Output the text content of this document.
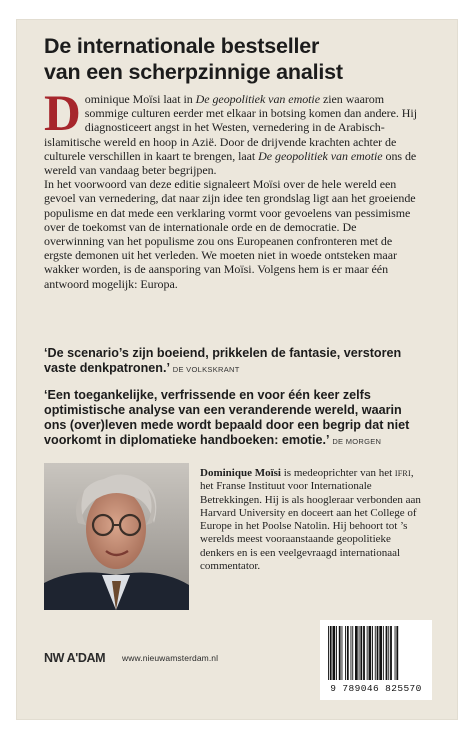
De internationale bestseller
van een scherpzinnige analist

Dominique Moïsi laat in De geopolitiek van emotie zien waarom sommige culturen eerder met elkaar in botsing komen dan andere. Hij diagnosticeert angst in het Westen, vernedering in de Arabisch-islamitische wereld en hoop in Azië. Door de drijvende krachten achter de culturele verschillen in kaart te brengen, laat De geopolitiek van emotie ons de wereld van vandaag beter begrijpen.

In het voorwoord van deze editie signaleert Moïsi over de hele wereld een gevoel van vernedering, dat naar zijn idee ten grondslag ligt aan het groeiende populisme en dat mede een verklaring vormt voor gevoelens van pessimisme over de toekomst van de internationale orde en de democratie. De overwinning van het populisme zou ons Europeanen confronteren met de ergste demonen uit het verleden. We moeten niet in woede ontsteken maar wakker worden, is de aansporing van Moïsi. Volgens hem is er maar één antwoord mogelijk: Europa.

‘De scenario’s zijn boeiend, prikkelen de fantasie, verstoren vaste denkpatronen.’ DE VOLKSKRANT

‘Een toegankelijke, verfrissende en voor één keer zelfs optimistische analyse van een veranderende wereld, waarin ons (over)leven mede wordt bepaald door een begrip dat niet voorkomt in diplomatieke handboeken: emotie.’ DE MORGEN

Dominique Moïsi is medeoprichter van het IFRI, het Franse Instituut voor Internationale Betrekkingen. Hij is als hoogleraar verbonden aan Harvard University en doceert aan het College of Europe in het Poolse Natolin. Hij behoort tot ’s werelds meest vooraanstaande geopolitieke denkers en is een veelgevraagd internationaal commentator.

NW A'DAM www.nieuwamsterdam.nl
9 789046 825570
